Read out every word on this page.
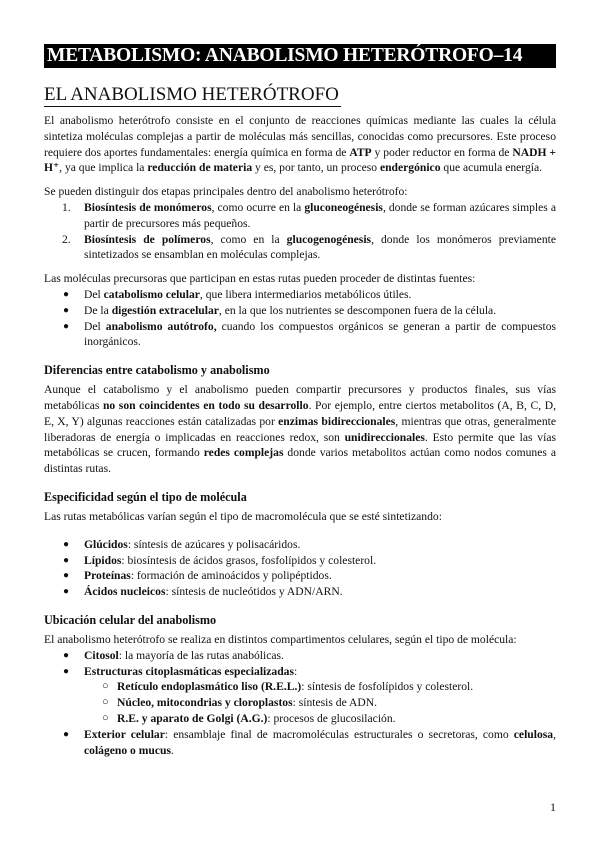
METABOLISMO: ANABOLISMO HETERÓTROFO–14
EL ANABOLISMO HETERÓTROFO

El anabolismo heterótrofo consiste en el conjunto de reacciones químicas mediante las cuales la célula sintetiza moléculas complejas a partir de moléculas más sencillas, conocidas como precursores. Este proceso requiere dos aportes fundamentales: energía química en forma de ATP y poder reductor en forma de NADH + H⁺, ya que implica la reducción de materia y es, por tanto, un proceso endergónico que acumula energía.

Se pueden distinguir dos etapas principales dentro del anabolismo heterótrofo:

1. Biosíntesis de monómeros, como ocurre en la gluconeogénesis, donde se forman azúcares simples a partir de precursores más pequeños.
2. Biosíntesis de polímeros, como en la glucogenogénesis, donde los monómeros previamente sintetizados se ensamblan en moléculas complejas.

Las moléculas precursoras que participan en estas rutas pueden proceder de distintas fuentes:

● Del catabolismo celular, que libera intermediarios metabólicos útiles.
● De la digestión extracelular, en la que los nutrientes se descomponen fuera de la célula.
● Del anabolismo autótrofo, cuando los compuestos orgánicos se generan a partir de compuestos inorgánicos.
Diferencias entre catabolismo y anabolismo

Aunque el catabolismo y el anabolismo pueden compartir precursores y productos finales, sus vías metabólicas no son coincidentes en todo su desarrollo. Por ejemplo, entre ciertos metabolitos (A, B, C, D, E, X, Y) algunas reacciones están catalizadas por enzimas bidireccionales, mientras que otras, generalmente liberadoras de energía o implicadas en reacciones redox, son unidireccionales. Esto permite que las vías metabólicas se crucen, formando redes complejas donde varios metabolitos actúan como nodos comunes a distintas rutas.

Especificidad según el tipo de molécula

Las rutas metabólicas varían según el tipo de macromolécula que se esté sintetizando:

● Glúcidos: síntesis de azúcares y polisacáridos.
● Lípidos: biosíntesis de ácidos grasos, fosfolípidos y colesterol.
● Proteínas: formación de aminoácidos y polipéptidos.
● Ácidos nucleicos: síntesis de nucleótidos y ADN/ARN.
Ubicación celular del anabolismo

El anabolismo heterótrofo se realiza en distintos compartimentos celulares, según el tipo de molécula:

● Citosol: la mayoría de las rutas anabólicas.
● Estructuras citoplasmáticas especializadas:
○ Retículo endoplasmático liso (R.E.L.): síntesis de fosfolípidos y colesterol.
○ Núcleo, mitocondrias y cloroplastos: síntesis de ADN.
○ R.E. y aparato de Golgi (A.G.): procesos de glucosilación.
● Exterior celular: ensamblaje final de macromoléculas estructurales o secretoras, como celulosa, colágeno o mucus.
1
